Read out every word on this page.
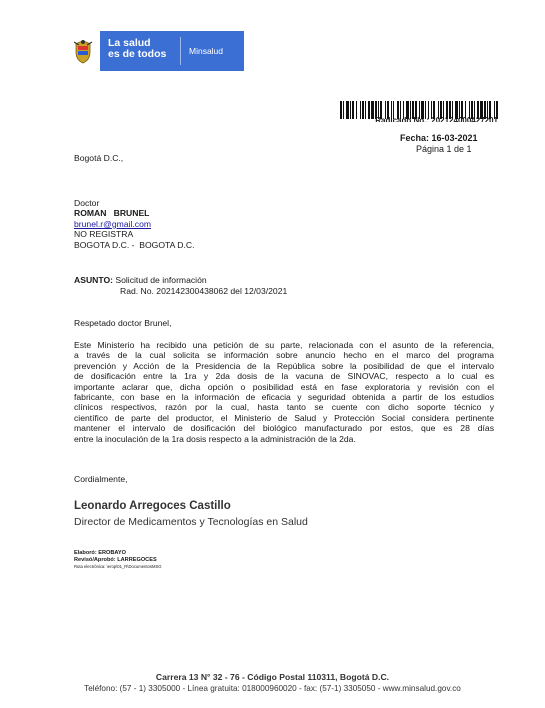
La salud
es de todos	Minsalud
Radicado No.: 20212400042720​1
Fecha: 16-03-2021
Página 1 de 1
Bogotá D.C.,
Doctor
ROMAN   BRUNEL
brunel.r@gmail.com
NO REGISTRA
BOGOTA D.C. -  BOGOTA D.C.
ASUNTO: Solicitud de información
Rad. No. 202142300438062 del 12/03/2021
Respetado doctor Brunel,
Este Ministerio ha recibido una petición de su parte, relacionada con el asunto de la referencia,
a través de la cual solicita se información sobre anuncio hecho en el marco del programa
prevención y Acción de la Presidencia de la República sobre la posibilidad de que el intervalo
de dosificación entre la 1ra y 2da dosis de la vacuna de SINOVAC, respecto a lo cual es
importante aclarar que, dicha opción o posibilidad está en fase exploratoria y revisión con el
fabricante, con base en la información de eficacia y seguridad obtenida a partir de los estudios
clínicos respectivos, razón por la cual, hasta tanto se cuente con dicho soporte técnico y
científico de parte del productor, el Ministerio de Salud y Protección Social considera pertinente
mantener el intervalo de dosificación del biológico manufacturado por estos, que es 28 días
entre la inoculación de la 1ra dosis respecto a la administración de la 2da.
Cordialmente,
Leonardo Arregoces Castillo
Director de Medicamentos y Tecnologías en Salud
Elaboró: EROBAYO
Revisó/Aprobó: LARREGOCES
Ruta electrónica: \erop\01_R\DocumentosMSG
Carrera 13 N° 32 - 76 - Código Postal 110311, Bogotá D.C.
Teléfono: (57 - 1) 3305000 - Línea gratuita: 018000960020 - fax: (57-1) 3305050 - www.minsalud.gov.co
